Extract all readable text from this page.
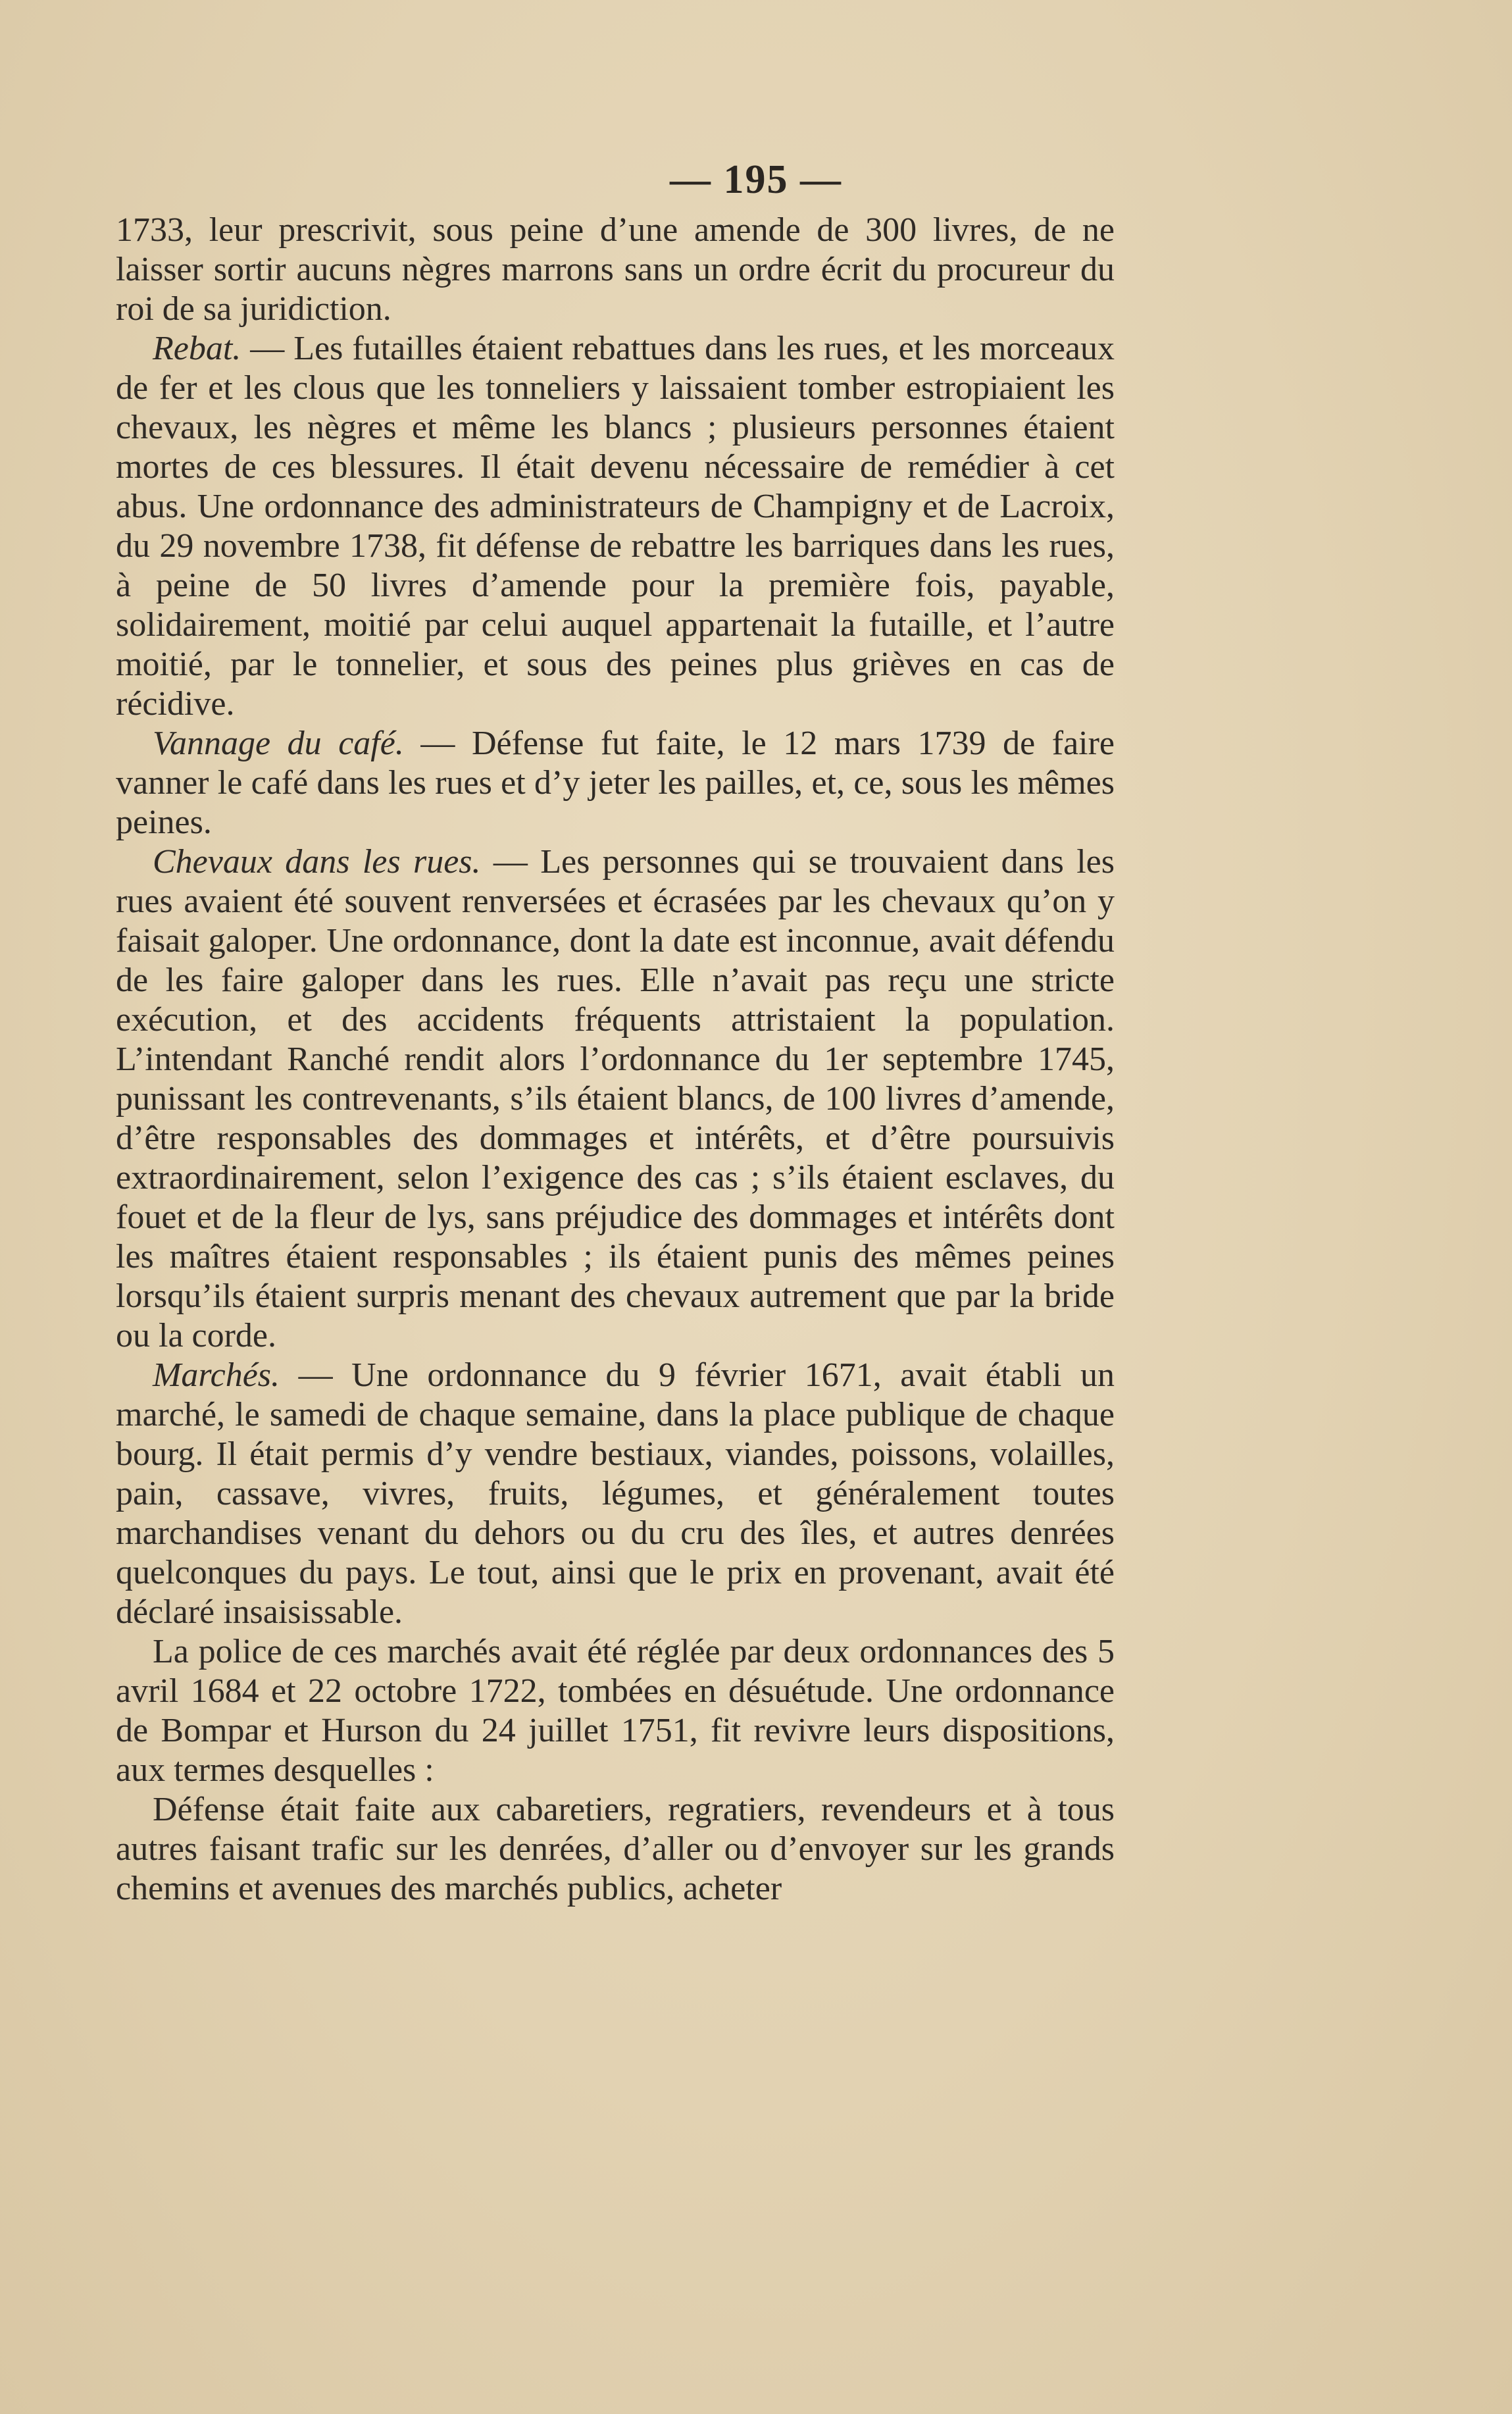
— 195 —

1733, leur prescrivit, sous peine d’une amende de 300 livres, de ne laisser sortir aucuns nègres marrons sans un ordre écrit du procureur du roi de sa juridiction.

Rebat. — Les futailles étaient rebattues dans les rues, et les morceaux de fer et les clous que les tonneliers y laissaient tomber estropiaient les chevaux, les nègres et même les blancs ; plusieurs personnes étaient mortes de ces blessures. Il était devenu nécessaire de remédier à cet abus. Une ordonnance des administrateurs de Champigny et de Lacroix, du 29 novembre 1738, fit défense de rebattre les barriques dans les rues, à peine de 50 livres d’amende pour la première fois, payable, solidairement, moitié par celui auquel appartenait la futaille, et l’autre moitié, par le tonnelier, et sous des peines plus grièves en cas de récidive.

Vannage du café. — Défense fut faite, le 12 mars 1739 de faire vanner le café dans les rues et d’y jeter les pailles, et, ce, sous les mêmes peines.

Chevaux dans les rues. — Les personnes qui se trouvaient dans les rues avaient été souvent renversées et écrasées par les chevaux qu’on y faisait galoper. Une ordonnance, dont la date est inconnue, avait défendu de les faire galoper dans les rues. Elle n’avait pas reçu une stricte exécution, et des accidents fréquents attristaient la population. L’intendant Ranché rendit alors l’ordonnance du 1er septembre 1745, punissant les contrevenants, s’ils étaient blancs, de 100 livres d’amende, d’être responsables des dommages et intérêts, et d’être poursuivis extraordinairement, selon l’exigence des cas ; s’ils étaient esclaves, du fouet et de la fleur de lys, sans préjudice des dommages et intérêts dont les maîtres étaient responsables ; ils étaient punis des mêmes peines lorsqu’ils étaient surpris menant des chevaux autrement que par la bride ou la corde.

Marchés. — Une ordonnance du 9 février 1671, avait établi un marché, le samedi de chaque semaine, dans la place publique de chaque bourg. Il était permis d’y vendre bestiaux, viandes, poissons, volailles, pain, cassave, vivres, fruits, légumes, et généralement toutes marchandises venant du dehors ou du cru des îles, et autres denrées quelconques du pays. Le tout, ainsi que le prix en provenant, avait été déclaré insaisissable.

La police de ces marchés avait été réglée par deux ordonnances des 5 avril 1684 et 22 octobre 1722, tombées en désuétude. Une ordonnance de Bompar et Hurson du 24 juillet 1751, fit revivre leurs dispositions, aux termes desquelles :

Défense était faite aux cabaretiers, regratiers, revendeurs et à tous autres faisant trafic sur les denrées, d’aller ou d’envoyer sur les grands chemins et avenues des marchés publics, acheter
